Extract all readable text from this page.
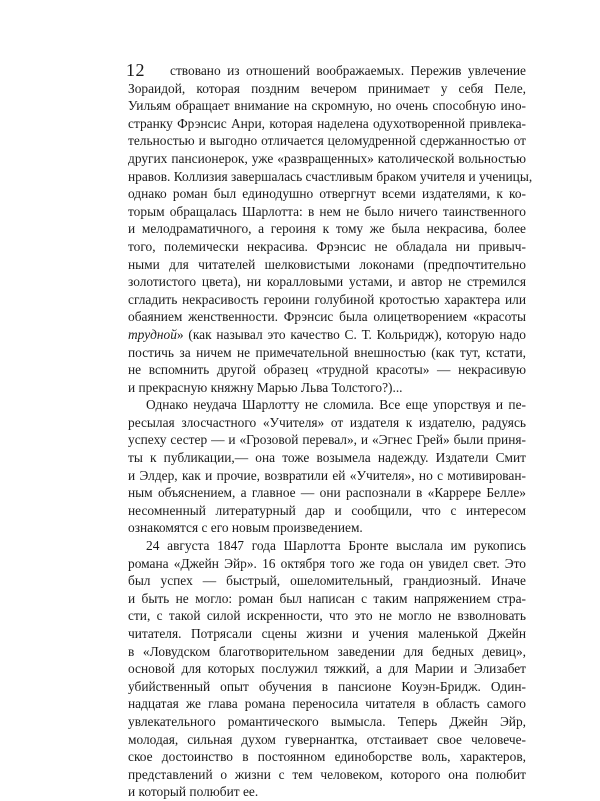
12	ствовано из отношений воображаемых. Пережив увлечение
Зораидой, которая поздним вечером принимает у себя Пеле,
Уильям обращает внимание на скромную, но очень способную ино-
странку Фрэнсис Анри, которая наделена одухотворенной привлека-
тельностью и выгодно отличается целомудренной сдержанностью от
других пансионерок, уже «развращенных» католической вольностью
нравов. Коллизия завершалась счастливым браком учителя и ученицы,
однако роман был единодушно отвергнут всеми издателями, к ко-
торым обращалась Шарлотта: в нем не было ничего таинственного
и мелодраматичного, а героиня к тому же была некрасива, более
того, полемически некрасива. Фрэнсис не обладала ни привыч-
ными для читателей шелковистыми локонами (предпочтительно
золотистого цвета), ни коралловыми устами, и автор не стремился
сгладить некрасивость героини голубиной кротостью характера или
обаянием женственности. Фрэнсис была олицетворением «красоты
трудной» (как называл это качество С. Т. Кольридж), которую надо
постичь за ничем не примечательной внешностью (как тут, кстати,
не вспомнить другой образец «трудной красоты» — некрасивую
и прекрасную княжну Марью Льва Толстого?)...
Однако неудача Шарлотту не сломила. Все еще упорствуя и пе-
ресылая злосчастного «Учителя» от издателя к издателю, радуясь
успеху сестер — и «Грозовой перевал», и «Эгнес Грей» были приня-
ты к публикации,— она тоже возымела надежду. Издатели Смит
и Элдер, как и прочие, возвратили ей «Учителя», но с мотивирован-
ным объяснением, а главное — они распознали в «Каррере Белле»
несомненный литературный дар и сообщили, что с интересом
ознакомятся с его новым произведением.
24 августа 1847 года Шарлотта Бронте выслала им рукопись
романа «Джейн Эйр». 16 октября того же года он увидел свет. Это
был успех — быстрый, ошеломительный, грандиозный. Иначе
и быть не могло: роман был написан с таким напряжением стра-
сти, с такой силой искренности, что это не могло не взволновать
читателя. Потрясали сцены жизни и учения маленькой Джейн
в «Ловудском благотворительном заведении для бедных девиц»,
основой для которых послужил тяжкий, а для Марии и Элизабет
убийственный опыт обучения в пансионе Коуэн-Бридж. Один-
надцатая же глава романа переносила читателя в область самого
увлекательного романтического вымысла. Теперь Джейн Эйр,
молодая, сильная духом гувернантка, отстаивает свое человече-
ское достоинство в постоянном единоборстве воль, характеров,
представлений о жизни с тем человеком, которого она полюбит
и который полюбит ее.
